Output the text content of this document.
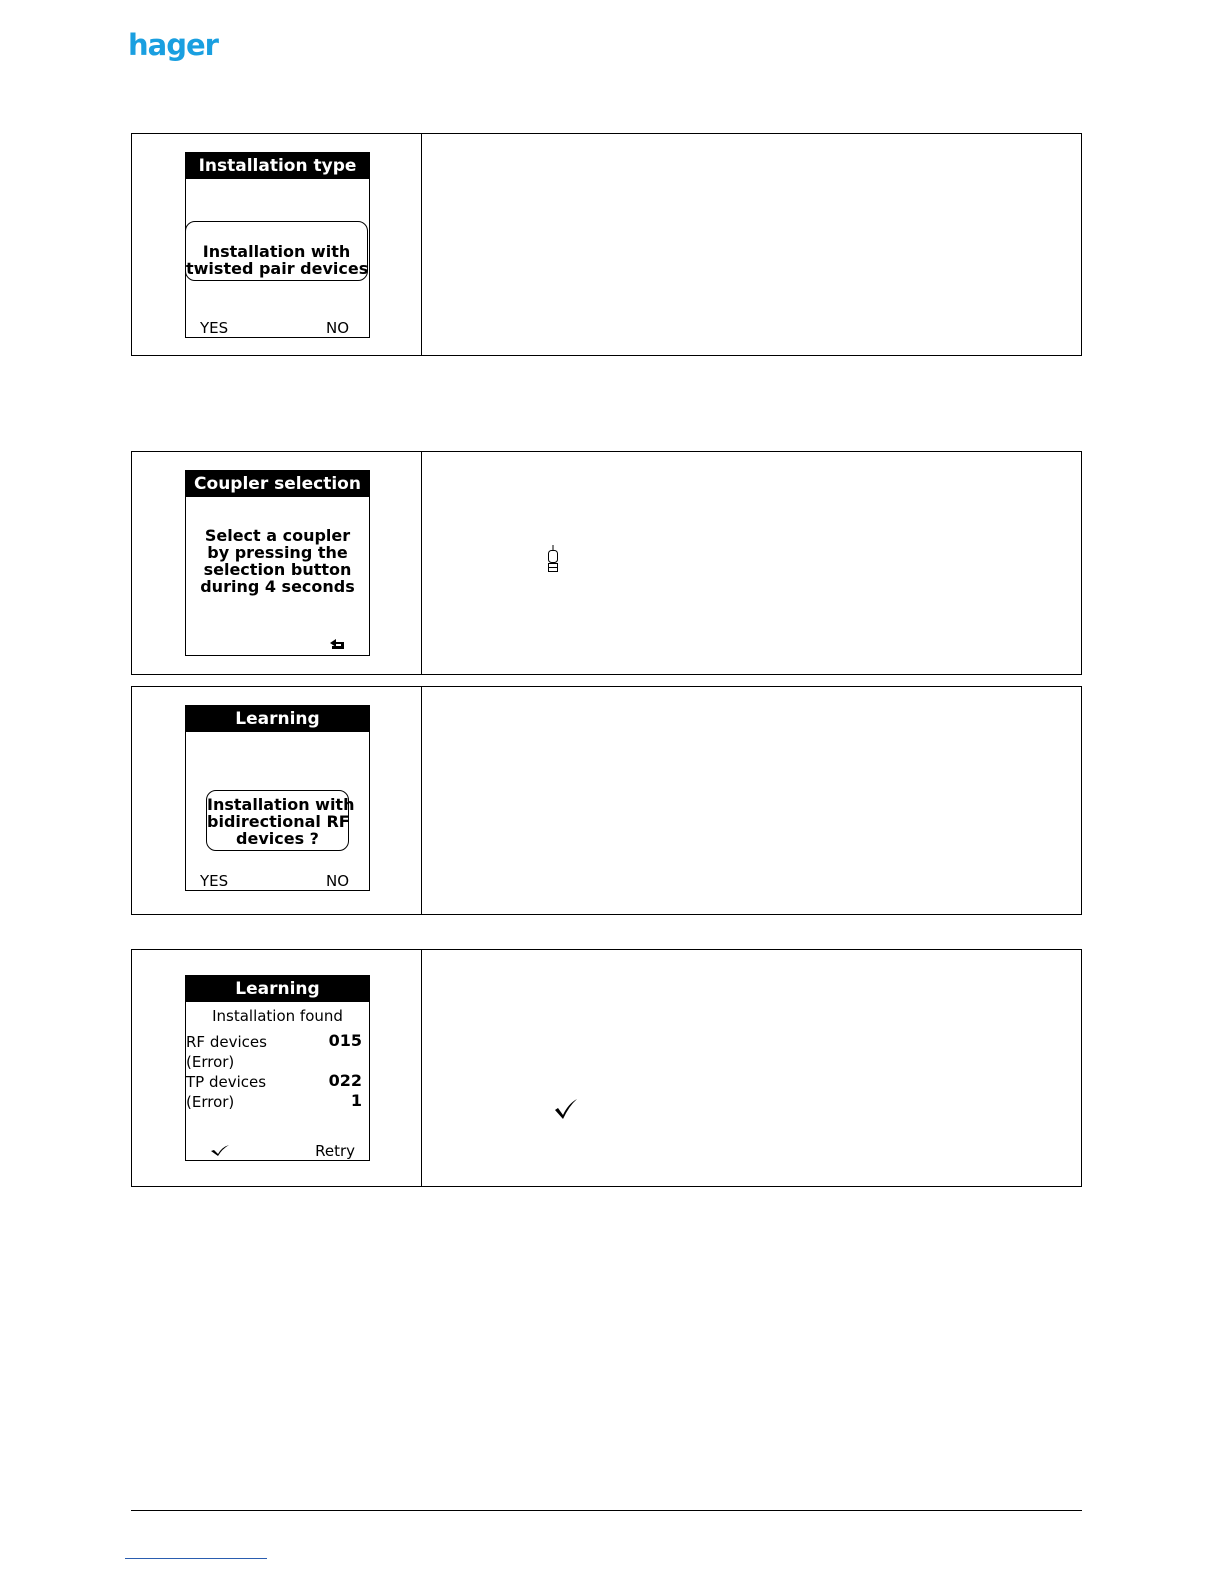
hager
Installation type
Installation with
twisted pair devices
YES	NO
Coupler selection
Select a coupler
by pressing the
selection button
during 4 seconds
Learning
Installation with
bidirectional RF
devices ?
YES	NO
Learning
Installation found
RF devices	015
(Error)
TP devices	022
(Error)	1
Retry
